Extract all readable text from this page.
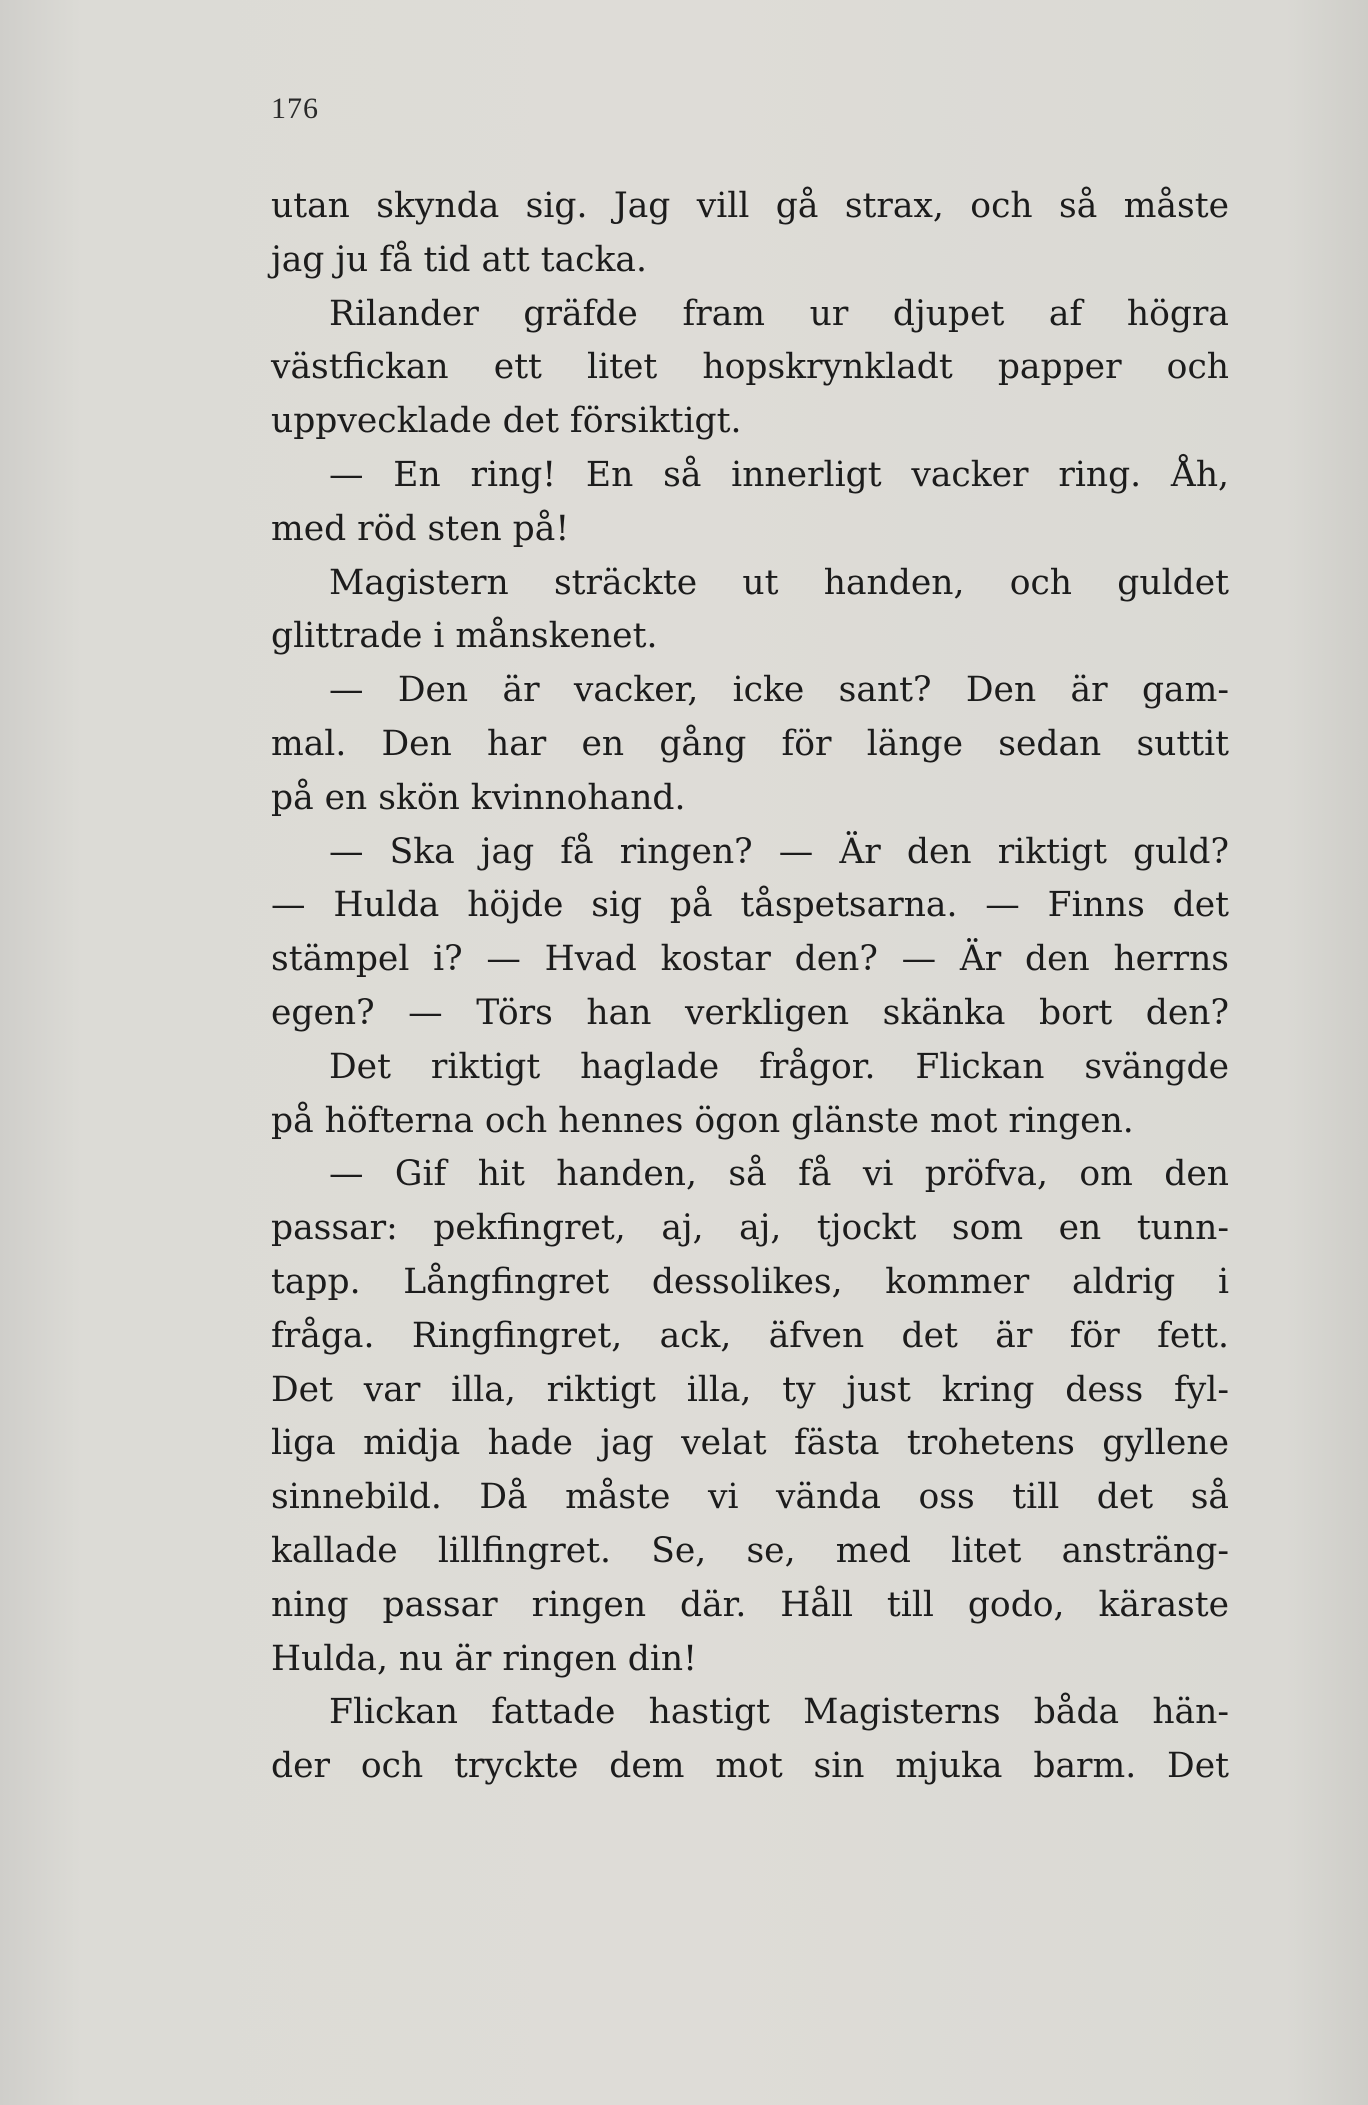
176
utan skynda sig. Jag vill gå strax, och så måste
jag ju få tid att tacka.
Rilander gräfde fram ur djupet af högra
västfickan ett litet hopskrynkladt papper och
uppvecklade det försiktigt.
— En ring! En så innerligt vacker ring. Åh,
med röd sten på!
Magistern sträckte ut handen, och guldet
glittrade i månskenet.
— Den är vacker, icke sant? Den är gam-
mal. Den har en gång för länge sedan suttit
på en skön kvinnohand.
— Ska jag få ringen? — Är den riktigt guld?
— Hulda höjde sig på tåspetsarna. — Finns det
stämpel i? — Hvad kostar den? — Är den herrns
egen? — Törs han verkligen skänka bort den?
Det riktigt haglade frågor. Flickan svängde
på höfterna och hennes ögon glänste mot ringen.
— Gif hit handen, så få vi pröfva, om den
passar: pekfingret, aj, aj, tjockt som en tunn-
tapp. Långfingret dessolikes, kommer aldrig i
fråga. Ringfingret, ack, äfven det är för fett.
Det var illa, riktigt illa, ty just kring dess fyl-
liga midja hade jag velat fästa trohetens gyllene
sinnebild. Då måste vi vända oss till det så
kallade lillfingret. Se, se, med litet ansträng-
ning passar ringen där. Håll till godo, käraste
Hulda, nu är ringen din!
Flickan fattade hastigt Magisterns båda hän-
der och tryckte dem mot sin mjuka barm. Det
